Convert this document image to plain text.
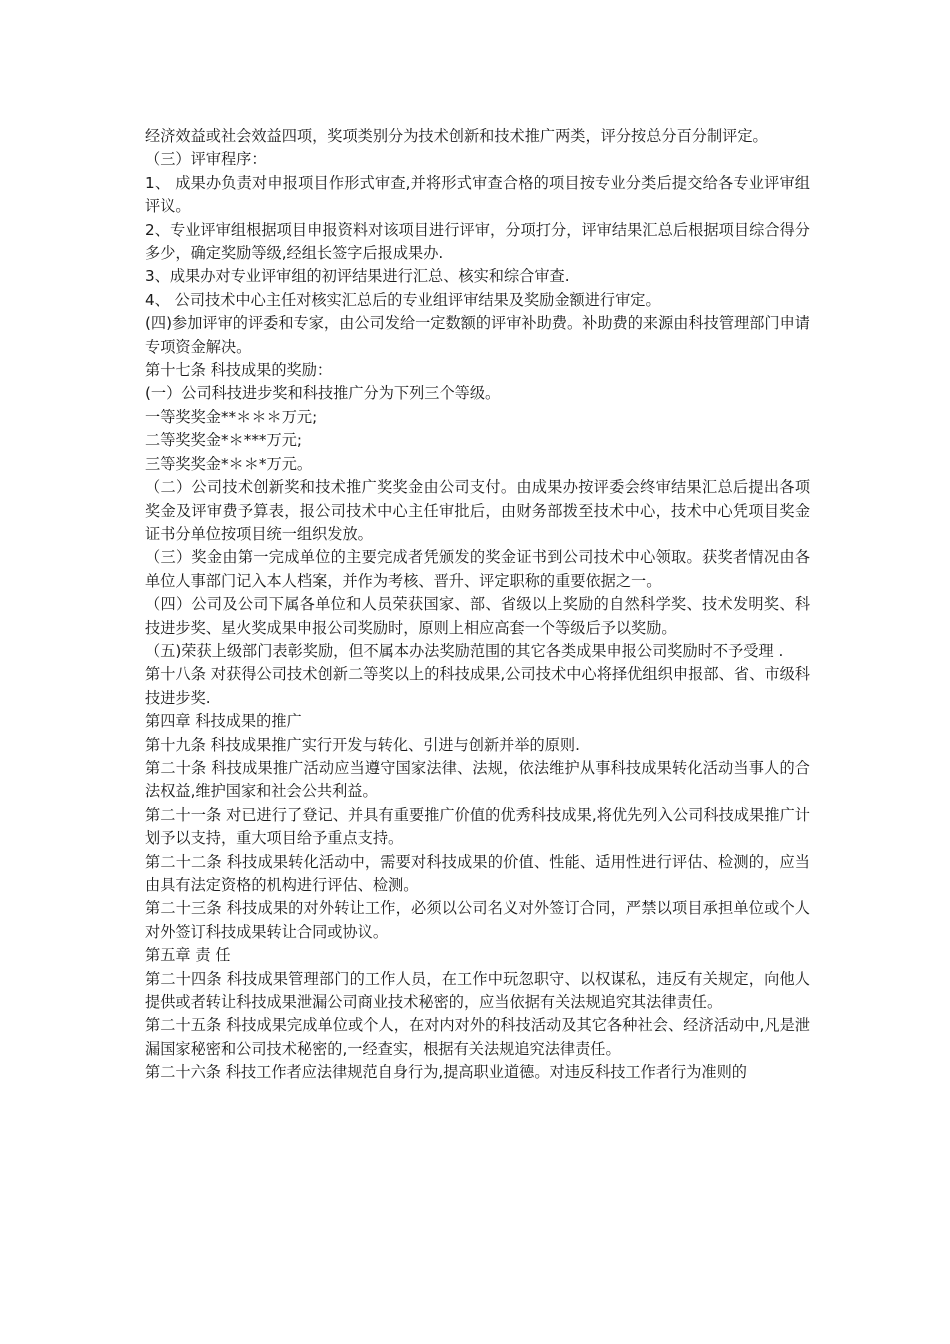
经济效益或社会效益四项，奖项类别分为技术创新和技术推广两类，评分按总分百分制评定。

（三）评审程序：

1、 成果办负责对申报项目作形式审查,并将形式审查合格的项目按专业分类后提交给各专业评审组评议。

2、专业评审组根据项目申报资料对该项目进行评审，分项打分，评审结果汇总后根据项目综合得分多少，确定奖励等级,经组长签字后报成果办.

3、成果办对专业评审组的初评结果进行汇总、核实和综合审查.

4、 公司技术中心主任对核实汇总后的专业组评审结果及奖励金额进行审定。

(四)参加评审的评委和专家，由公司发给一定数额的评审补助费。补助费的来源由科技管理部门申请专项资金解决。

第十七条 科技成果的奖励：

(一）公司科技进步奖和科技推广分为下列三个等级。

一等奖奖金**＊＊＊万元;

二等奖奖金*＊***万元;

三等奖奖金*＊＊*万元。

（二）公司技术创新奖和技术推广奖奖金由公司支付。由成果办按评委会终审结果汇总后提出各项奖金及评审费予算表，报公司技术中心主任审批后，由财务部拨至技术中心，技术中心凭项目奖金证书分单位按项目统一组织发放。

（三）奖金由第一完成单位的主要完成者凭颁发的奖金证书到公司技术中心领取。获奖者情况由各单位人事部门记入本人档案，并作为考核、晋升、评定职称的重要依据之一。

（四）公司及公司下属各单位和人员荣获国家、部、省级以上奖励的自然科学奖、技术发明奖、科技进步奖、星火奖成果申报公司奖励时，原则上相应高套一个等级后予以奖励。

（五)荣获上级部门表彰奖励，但不属本办法奖励范围的其它各类成果申报公司奖励时不予受理 .

第十八条 对获得公司技术创新二等奖以上的科技成果,公司技术中心将择优组织申报部、省、市级科技进步奖.

第四章 科技成果的推广

第十九条 科技成果推广实行开发与转化、引进与创新并举的原则.

第二十条 科技成果推广活动应当遵守国家法律、法规，依法维护从事科技成果转化活动当事人的合法权益,维护国家和社会公共利益。

第二十一条 对已进行了登记、并具有重要推广价值的优秀科技成果,将优先列入公司科技成果推广计划予以支持，重大项目给予重点支持。

第二十二条 科技成果转化活动中，需要对科技成果的价值、性能、适用性进行评估、检测的，应当由具有法定资格的机构进行评估、检测。

第二十三条 科技成果的对外转让工作，必须以公司名义对外签订合同，严禁以项目承担单位或个人对外签订科技成果转让合同或协议。

第五章 责 任

第二十四条 科技成果管理部门的工作人员，在工作中玩忽职守、以权谋私，违反有关规定，向他人提供或者转让科技成果泄漏公司商业技术秘密的，应当依据有关法规追究其法律责任。

第二十五条 科技成果完成单位或个人，在对内对外的科技活动及其它各种社会、经济活动中,凡是泄漏国家秘密和公司技术秘密的,一经查实，根据有关法规追究法律责任。

第二十六条 科技工作者应法律规范自身行为,提高职业道德。对违反科技工作者行为准则的
